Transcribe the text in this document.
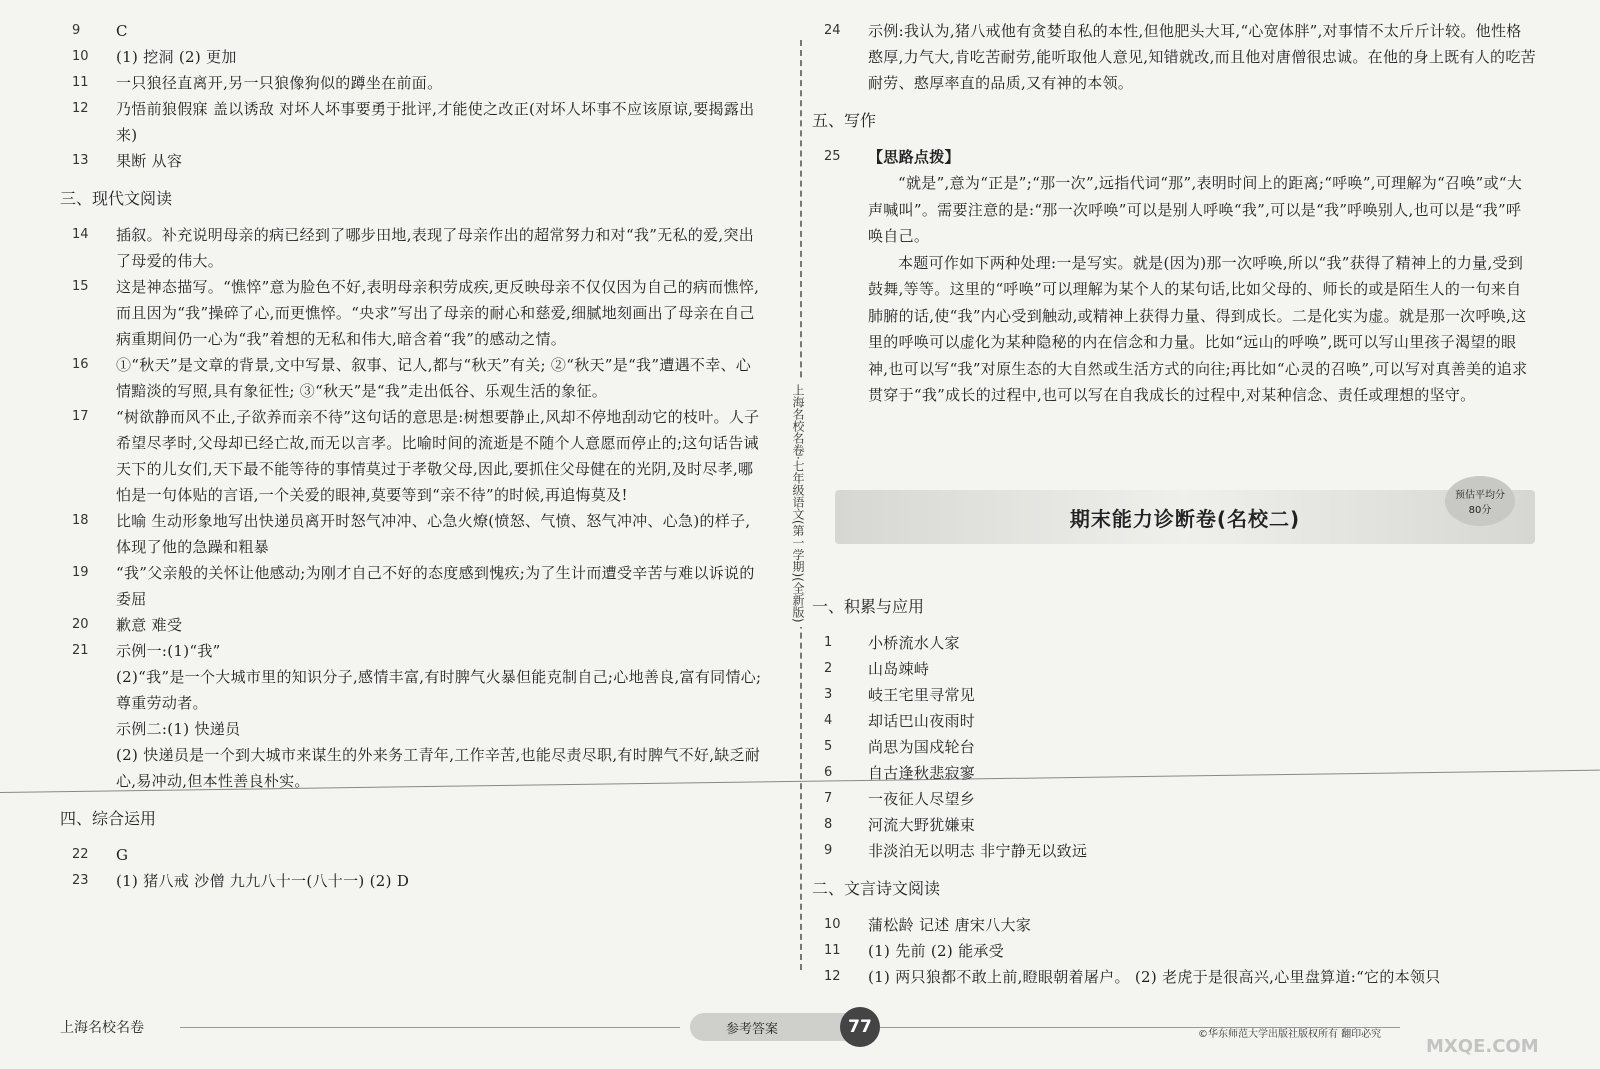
9	C
10	(1) 挖洞 (2) 更加
11	一只狼径直离开,另一只狼像狗似的蹲坐在前面。
12	乃悟前狼假寐 盖以诱敌 对坏人坏事要勇于批评,才能使之改正(对坏人坏事不应该原谅,要揭露出来)
13	果断 从容
三、现代文阅读
14	插叙。补充说明母亲的病已经到了哪步田地,表现了母亲作出的超常努力和对“我”无私的爱,突出了母爱的伟大。
15	这是神态描写。“憔悴”意为脸色不好,表明母亲积劳成疾,更反映母亲不仅仅因为自己的病而憔悴,而且因为“我”操碎了心,而更憔悴。“央求”写出了母亲的耐心和慈爱,细腻地刻画出了母亲在自己病重期间仍一心为“我”着想的无私和伟大,暗含着“我”的感动之情。
16	①“秋天”是文章的背景,文中写景、叙事、记人,都与“秋天”有关; ②“秋天”是“我”遭遇不幸、心情黯淡的写照,具有象征性; ③“秋天”是“我”走出低谷、乐观生活的象征。
17	“树欲静而风不止,子欲养而亲不待”这句话的意思是:树想要静止,风却不停地刮动它的枝叶。人子希望尽孝时,父母却已经亡故,而无以言孝。比喻时间的流逝是不随个人意愿而停止的;这句话告诫天下的儿女们,天下最不能等待的事情莫过于孝敬父母,因此,要抓住父母健在的光阴,及时尽孝,哪怕是一句体贴的言语,一个关爱的眼神,莫要等到“亲不待”的时候,再追悔莫及!
18	比喻 生动形象地写出快递员离开时怒气冲冲、心急火燎(愤怒、气愤、怒气冲冲、心急)的样子,体现了他的急躁和粗暴
19	“我”父亲般的关怀让他感动;为刚才自己不好的态度感到愧疚;为了生计而遭受辛苦与难以诉说的委屈
20	歉意 难受
21	示例一:(1)“我”
(2)“我”是一个大城市里的知识分子,感情丰富,有时脾气火暴但能克制自己;心地善良,富有同情心;尊重劳动者。
示例二:(1) 快递员
(2) 快递员是一个到大城市来谋生的外来务工青年,工作辛苦,也能尽责尽职,有时脾气不好,缺乏耐心,易冲动,但本性善良朴实。
四、综合运用
22	G
23	(1) 猪八戒 沙僧 九九八十一(八十一) (2) D
上海名校名卷·七年级语文(第一学期)(全新版)
24	示例:我认为,猪八戒他有贪婪自私的本性,但他肥头大耳,“心宽体胖”,对事情不太斤斤计较。他性格憨厚,力气大,肯吃苦耐劳,能听取他人意见,知错就改,而且他对唐僧很忠诚。在他的身上既有人的吃苦耐劳、憨厚率直的品质,又有神的本领。
五、写作
25	【思路点拨】

“就是”,意为“正是”;“那一次”,远指代词“那”,表明时间上的距离;“呼唤”,可理解为“召唤”或“大声喊叫”。需要注意的是:“那一次呼唤”可以是别人呼唤“我”,可以是“我”呼唤别人,也可以是“我”呼唤自己。

本题可作如下两种处理:一是写实。就是(因为)那一次呼唤,所以“我”获得了精神上的力量,受到鼓舞,等等。这里的“呼唤”可以理解为某个人的某句话,比如父母的、师长的或是陌生人的一句来自肺腑的话,使“我”内心受到触动,或精神上获得力量、得到成长。二是化实为虚。就是那一次呼唤,这里的呼唤可以虚化为某种隐秘的内在信念和力量。比如“远山的呼唤”,既可以写山里孩子渴望的眼神,也可以写“我”对原生态的大自然或生活方式的向往;再比如“心灵的召唤”,可以写对真善美的追求贯穿于“我”成长的过程中,也可以写在自我成长的过程中,对某种信念、责任或理想的坚守。

期末能力诊断卷(名校二)
预估平均分
80分
一、积累与应用
1	小桥流水人家
2	山岛竦峙
3	岐王宅里寻常见
4	却话巴山夜雨时
5	尚思为国戍轮台
6	自古逢秋悲寂寥
7	一夜征人尽望乡
8	河流大野犹嫌束
9	非淡泊无以明志 非宁静无以致远
二、文言诗文阅读
10	蒲松龄 记述 唐宋八大家
11	(1) 先前 (2) 能承受
12	(1) 两只狼都不敢上前,瞪眼朝着屠户。 (2) 老虎于是很高兴,心里盘算道:“它的本领只
上海名校名卷	参考答案	77	©华东师范大学出版社版权所有 翻印必究
MXQE.COM
